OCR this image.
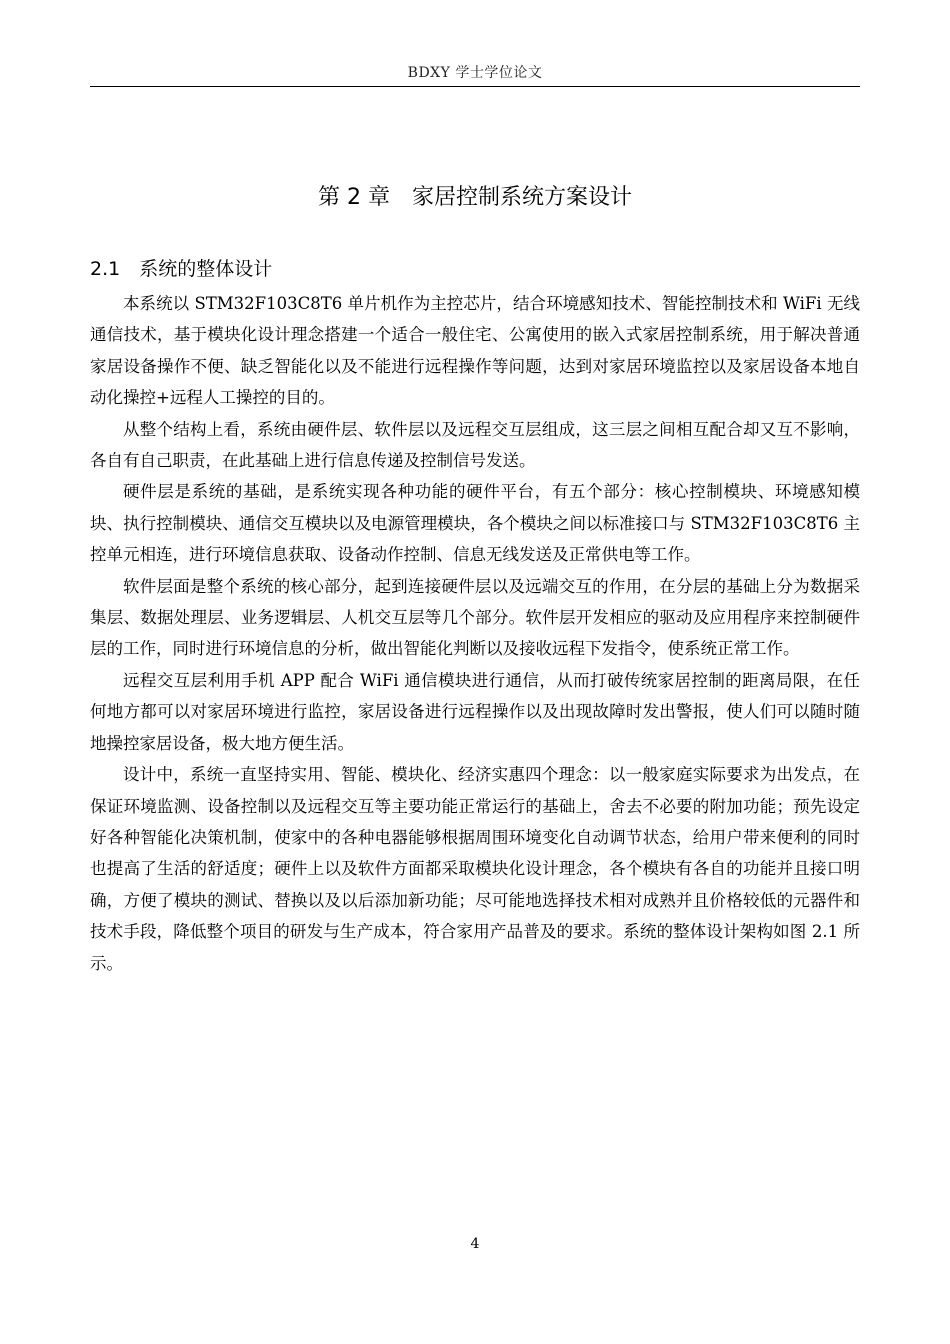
BDXY 学士学位论文
第 2 章　家居控制系统方案设计
2.1　系统的整体设计

本系统以 STM32F103C8T6 单片机作为主控芯片，结合环境感知技术、智能控制技术和 WiFi 无线通信技术，基于模块化设计理念搭建一个适合一般住宅、公寓使用的嵌入式家居控制系统，用于解决普通家居设备操作不便、缺乏智能化以及不能进行远程操作等问题，达到对家居环境监控以及家居设备本地自动化操控+远程人工操控的目的。

从整个结构上看，系统由硬件层、软件层以及远程交互层组成，这三层之间相互配合却又互不影响，各自有自己职责，在此基础上进行信息传递及控制信号发送。

硬件层是系统的基础，是系统实现各种功能的硬件平台，有五个部分：核心控制模块、环境感知模块、执行控制模块、通信交互模块以及电源管理模块，各个模块之间以标准接口与 STM32F103C8T6 主控单元相连，进行环境信息获取、设备动作控制、信息无线发送及正常供电等工作。

软件层面是整个系统的核心部分，起到连接硬件层以及远端交互的作用，在分层的基础上分为数据采集层、数据处理层、业务逻辑层、人机交互层等几个部分。软件层开发相应的驱动及应用程序来控制硬件层的工作，同时进行环境信息的分析，做出智能化判断以及接收远程下发指令，使系统正常工作。

远程交互层利用手机 APP 配合 WiFi 通信模块进行通信，从而打破传统家居控制的距离局限，在任何地方都可以对家居环境进行监控，家居设备进行远程操作以及出现故障时发出警报，使人们可以随时随地操控家居设备，极大地方便生活。

设计中，系统一直坚持实用、智能、模块化、经济实惠四个理念：以一般家庭实际要求为出发点，在保证环境监测、设备控制以及远程交互等主要功能正常运行的基础上，舍去不必要的附加功能；预先设定好各种智能化决策机制，使家中的各种电器能够根据周围环境变化自动调节状态，给用户带来便利的同时也提高了生活的舒适度；硬件上以及软件方面都采取模块化设计理念，各个模块有各自的功能并且接口明确，方便了模块的测试、替换以及以后添加新功能；尽可能地选择技术相对成熟并且价格较低的元器件和技术手段，降低整个项目的研发与生产成本，符合家用产品普及的要求。系统的整体设计架构如图 2.1 所示。

4
